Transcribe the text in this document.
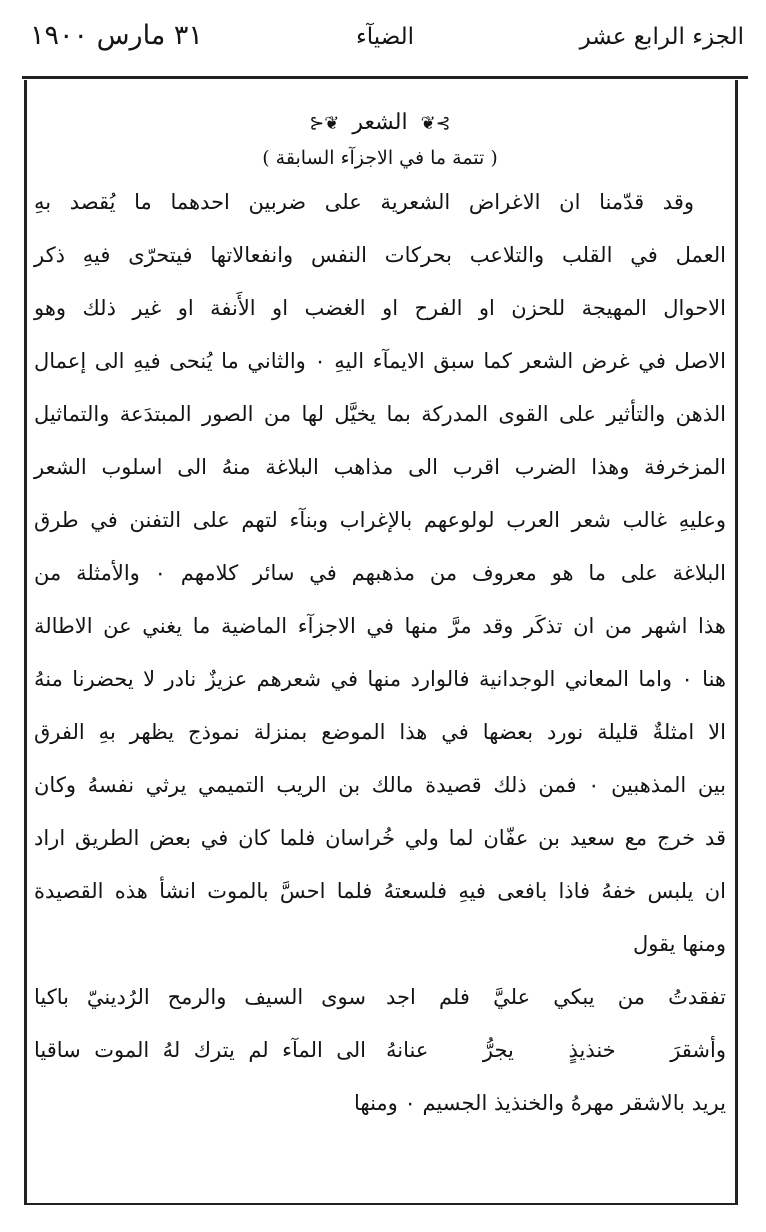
الجزء الرابع عشر
الضيآء
٣١ مارس ١٩٠٠
⊱❦ الشعر ❦⊰
( تتمة ما في الاجزآء السابقة )
وقد قدّمنا ان الاغراض الشعرية على ضربين احدهما ما يُقصد بهِ
العمل في القلب والتلاعب بحركات النفس وانفعالاتها فيتحرّى فيهِ ذكر
الاحوال المهيجة للحزن او الفرح او الغضب او الأَنفة او غير ذلك وهو
الاصل في غرض الشعر كما سبق الايمآء اليهِ ٠ والثاني ما يُنحى فيهِ الى إعمال
الذهن والتأثير على القوى المدركة بما يخيَّل لها من الصور المبتدَعة والتماثيل
المزخرفة وهذا الضرب اقرب الى مذاهب البلاغة منهُ الى اسلوب الشعر
وعليهِ غالب شعر العرب لولوعهم بالإغراب وبنآء لتهم على التفنن في طرق
البلاغة على ما هو معروف من مذهبهم في سائر كلامهم ٠ والأمثلة من
هذا اشهر من ان تذكَر وقد مرَّ منها في الاجزآء الماضية ما يغني عن الاطالة
هنا ٠ واما المعاني الوجدانية فالوارد منها في شعرهم عزيزٌ نادر لا يحضرنا منهُ
الا امثلةٌ قليلة نورد بعضها في هذا الموضع بمنزلة نموذج يظهر بهِ الفرق
بين المذهبين ٠ فمن ذلك قصيدة مالك بن الريب التميمي يرثي نفسهُ وكان
قد خرج مع سعيد بن عفّان لما ولي خُراسان فلما كان في بعض الطريق اراد
ان يلبس خفهُ فاذا بافعى فيهِ فلسعتهُ فلما احسَّ بالموت انشأ هذه القصيدة
ومنها يقول
تفقدتُ من يبكي عليَّ فلم اجد
سوى السيف والرمح الرُدينيّ باكيا
وأشقرَ خنذيذٍ يجرُّ عنانهُ
الى المآء لم يترك لهُ الموت ساقيا
يريد بالاشقر مهرهُ والخنذيذ الجسيم ٠ ومنها
